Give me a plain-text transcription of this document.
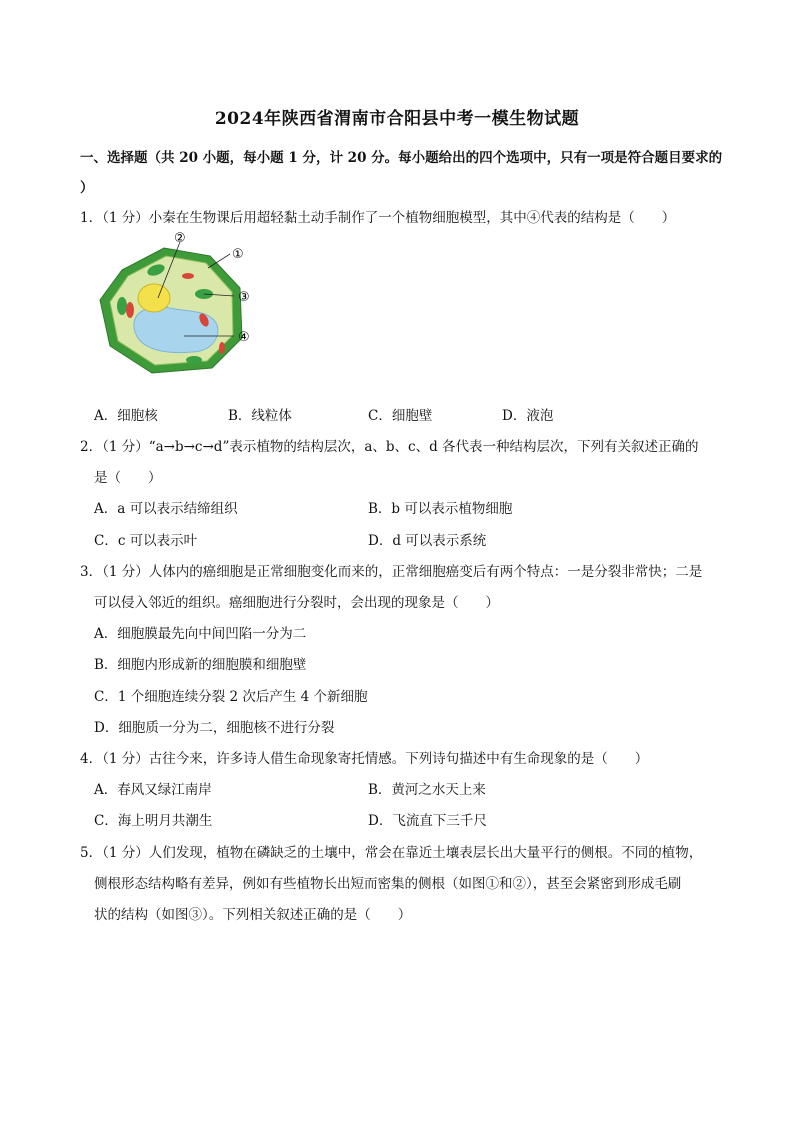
2024年陕西省渭南市合阳县中考一模生物试题
一、选择题（共 20 小题，每小题 1 分，计 20 分。每小题给出的四个选项中，只有一项是符合题目要求的
）
1．（1 分）小秦在生物课后用超轻黏土动手制作了一个植物细胞模型，其中④代表的结构是（　　）
②
①
③
④
A．细胞核	B．线粒体	C．细胞壁	D．液泡
2．（1 分）“a→b→c→d”表示植物的结构层次，a、b、c、d 各代表一种结构层次，下列有关叙述正确的
是（　　）
A．a 可以表示结缔组织	B．b 可以表示植物细胞
C．c 可以表示叶	D．d 可以表示系统
3．（1 分）人体内的癌细胞是正常细胞变化而来的，正常细胞癌变后有两个特点：一是分裂非常快；二是
可以侵入邻近的组织。癌细胞进行分裂时，会出现的现象是（　　）
A．细胞膜最先向中间凹陷一分为二
B．细胞内形成新的细胞膜和细胞壁
C．1 个细胞连续分裂 2 次后产生 4 个新细胞
D．细胞质一分为二，细胞核不进行分裂
4．（1 分）古往今来，许多诗人借生命现象寄托情感。下列诗句描述中有生命现象的是（　　）
A．春风又绿江南岸	B．黄河之水天上来
C．海上明月共潮生	D．飞流直下三千尺
5．（1 分）人们发现，植物在磷缺乏的土壤中，常会在靠近土壤表层长出大量平行的侧根。不同的植物，
侧根形态结构略有差异，例如有些植物长出短而密集的侧根（如图①和②），甚至会紧密到形成毛刷
状的结构（如图③）。下列相关叙述正确的是（　　）
